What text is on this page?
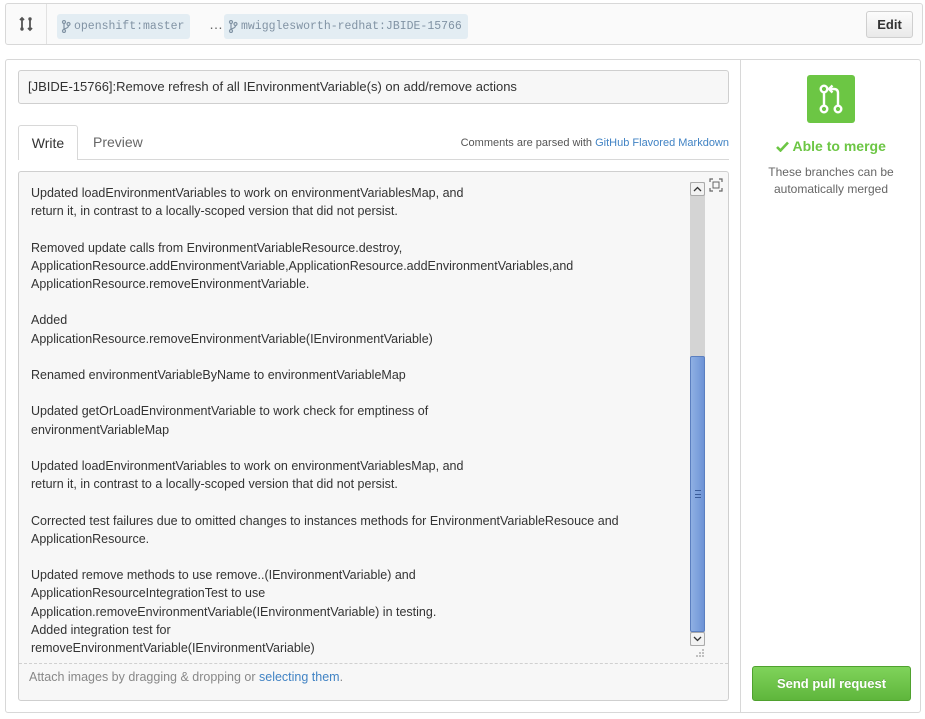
openshift:master … mwigglesworth-redhat:JBIDE-15766	Edit
[JBIDE-15766]:Remove refresh of all IEnvironmentVariable(s) on add/remove actions
Write	Preview	Comments are parsed with GitHub Flavored Markdown
Updated loadEnvironmentVariables to work on environmentVariablesMap, and
return it, in contrast to a locally-scoped version that did not persist.

Removed update calls from EnvironmentVariableResource.destroy,
ApplicationResource.addEnvironmentVariable,ApplicationResource.addEnvironmentVariables,and
ApplicationResource.removeEnvironmentVariable.

Added
ApplicationResource.removeEnvironmentVariable(IEnvironmentVariable)

Renamed environmentVariableByName to environmentVariableMap

Updated getOrLoadEnvironmentVariable to work check for emptiness of
environmentVariableMap

Updated loadEnvironmentVariables to work on environmentVariablesMap, and
return it, in contrast to a locally-scoped version that did not persist.

Corrected test failures due to omitted changes to instances methods for EnvironmentVariableResouce and
ApplicationResource.

Updated remove methods to use remove..(IEnvironmentVariable) and
ApplicationResourceIntegrationTest to use
Application.removeEnvironmentVariable(IEnvironmentVariable) in testing.
Added integration test for
removeEnvironmentVariable(IEnvironmentVariable)
Attach images by dragging & dropping or selecting them.
Able to merge
These branches can be automatically merged
Send pull request
